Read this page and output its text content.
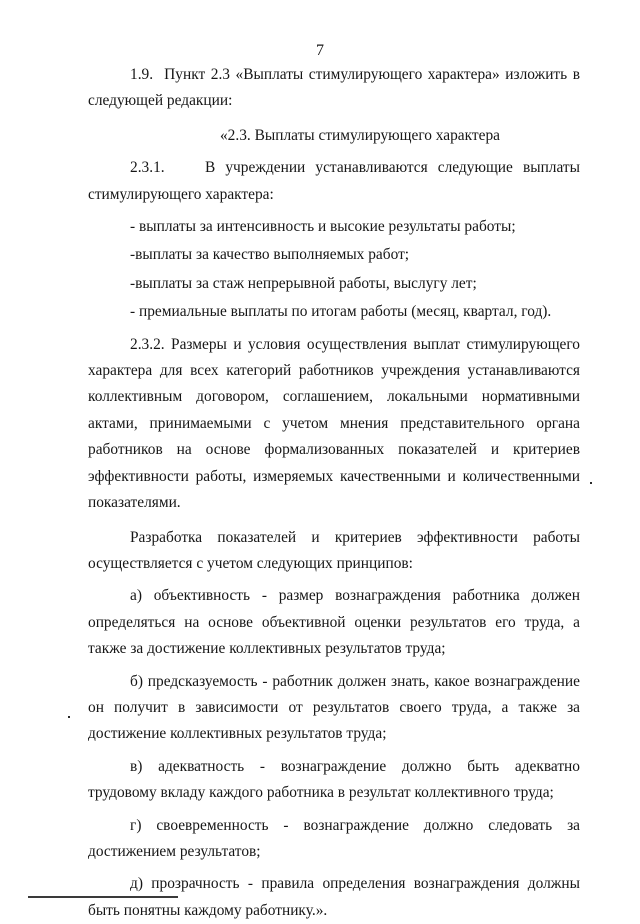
7

1.9.  Пункт 2.3 «Выплаты стимулирующего характера» изложить в следующей редакции:

«2.3. Выплаты стимулирующего характера

2.3.1.    В учреждении устанавливаются следующие выплаты стимулирующего характера:

- выплаты за интенсивность и высокие результаты работы;

-выплаты за качество выполняемых работ;

-выплаты за стаж непрерывной работы, выслугу лет;

- премиальные выплаты по итогам работы (месяц, квартал, год).

2.3.2. Размеры и условия осуществления выплат стимулирующего характера для всех категорий работников учреждения устанавливаются коллективным договором, соглашением, локальными нормативными актами, принимаемыми с учетом мнения представительного органа работников на основе формализованных показателей и критериев эффективности работы, измеряемых качественными и количественными показателями.

Разработка показателей и критериев эффективности работы осуществляется с учетом следующих принципов:

а) объективность - размер вознаграждения работника должен определяться на основе объективной оценки результатов его труда, а также за достижение коллективных результатов труда;

б) предсказуемость - работник должен знать, какое вознаграждение он получит в зависимости от результатов своего труда, а также за достижение коллективных результатов труда;

в) адекватность - вознаграждение должно быть адекватно трудовому вкладу каждого работника в результат коллективного труда;

г) своевременность - вознаграждение должно следовать за достижением результатов;

д) прозрачность - правила определения вознаграждения должны быть понятны каждому работнику.».
